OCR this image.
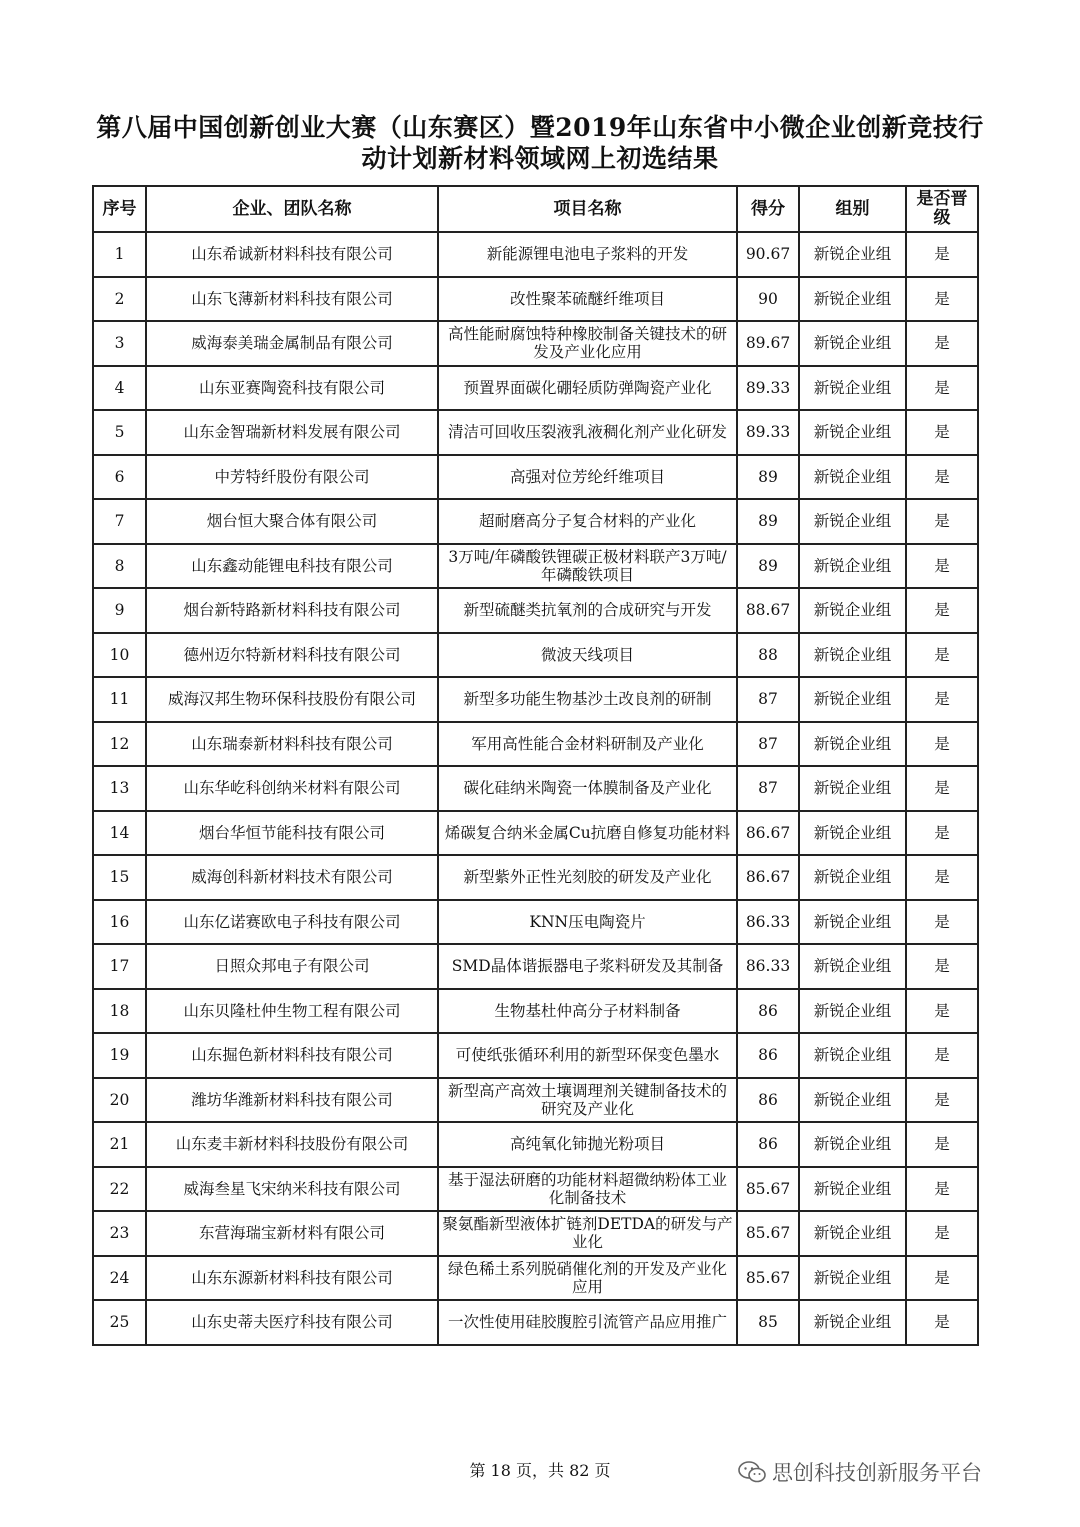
第八届中国创新创业大赛（山东赛区）暨2019年山东省中小微企业创新竞技行
动计划新材料领域网上初选结果
序号	企业、团队名称	项目名称	得分	组别	是否晋级
1	山东希诚新材料科技有限公司	新能源锂电池电子浆料的开发	90.67	新锐企业组	是
2	山东飞薄新材料科技有限公司	改性聚苯硫醚纤维项目	90	新锐企业组	是
3	威海泰美瑞金属制品有限公司	高性能耐腐蚀特种橡胶制备关键技术的研发及产业化应用	89.67	新锐企业组	是
4	山东亚赛陶瓷科技有限公司	预置界面碳化硼轻质防弹陶瓷产业化	89.33	新锐企业组	是
5	山东金智瑞新材料发展有限公司	清洁可回收压裂液乳液稠化剂产业化研发	89.33	新锐企业组	是
6	中芳特纤股份有限公司	高强对位芳纶纤维项目	89	新锐企业组	是
7	烟台恒大聚合体有限公司	超耐磨高分子复合材料的产业化	89	新锐企业组	是
8	山东鑫动能锂电科技有限公司	3万吨/年磷酸铁锂碳正极材料联产3万吨/年磷酸铁项目	89	新锐企业组	是
9	烟台新特路新材料科技有限公司	新型硫醚类抗氧剂的合成研究与开发	88.67	新锐企业组	是
10	德州迈尔特新材料科技有限公司	微波天线项目	88	新锐企业组	是
11	威海汉邦生物环保科技股份有限公司	新型多功能生物基沙土改良剂的研制	87	新锐企业组	是
12	山东瑞泰新材料科技有限公司	军用高性能合金材料研制及产业化	87	新锐企业组	是
13	山东华屹科创纳米材料有限公司	碳化硅纳米陶瓷一体膜制备及产业化	87	新锐企业组	是
14	烟台华恒节能科技有限公司	烯碳复合纳米金属Cu抗磨自修复功能材料	86.67	新锐企业组	是
15	威海创科新材料技术有限公司	新型紫外正性光刻胶的研发及产业化	86.67	新锐企业组	是
16	山东亿诺赛欧电子科技有限公司	KNN压电陶瓷片	86.33	新锐企业组	是
17	日照众邦电子有限公司	SMD晶体谐振器电子浆料研发及其制备	86.33	新锐企业组	是
18	山东贝隆杜仲生物工程有限公司	生物基杜仲高分子材料制备	86	新锐企业组	是
19	山东掘色新材料科技有限公司	可使纸张循环利用的新型环保变色墨水	86	新锐企业组	是
20	潍坊华潍新材料科技有限公司	新型高产高效土壤调理剂关键制备技术的研究及产业化	86	新锐企业组	是
21	山东麦丰新材料科技股份有限公司	高纯氧化铈抛光粉项目	86	新锐企业组	是
22	威海叁星飞宋纳米科技有限公司	基于湿法研磨的功能材料超微纳粉体工业化制备技术	85.67	新锐企业组	是
23	东营海瑞宝新材料有限公司	聚氨酯新型液体扩链剂DETDA的研发与产业化	85.67	新锐企业组	是
24	山东东源新材料科技有限公司	绿色稀土系列脱硝催化剂的开发及产业化应用	85.67	新锐企业组	是
25	山东史蒂夫医疗科技有限公司	一次性使用硅胶腹腔引流管产品应用推广	85	新锐企业组	是
第 18 页，共 82 页	思创科技创新服务平台
